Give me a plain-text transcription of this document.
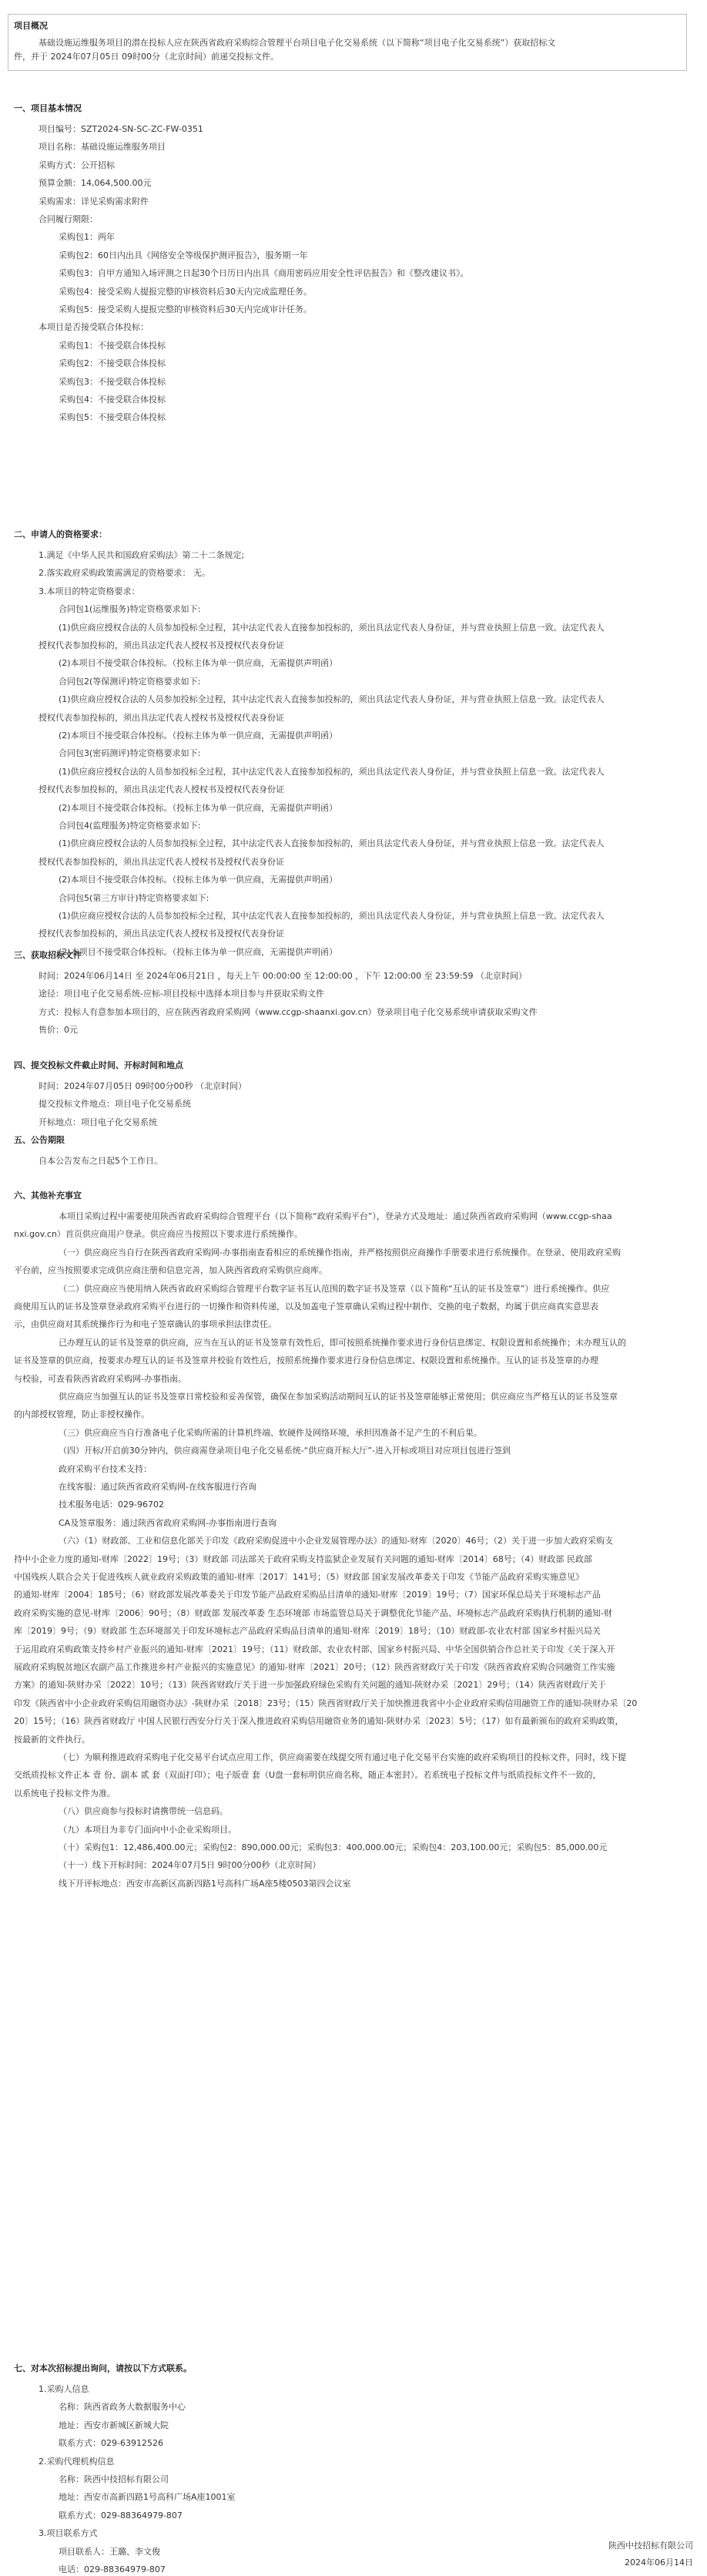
项目概况
基础设施运维服务项目的潜在投标人应在陕西省政府采购综合管理平台项目电子化交易系统（以下简称“项目电子化交易系统”）获取招标文
件，并于 2024年07月05日 09时00分（北京时间）前递交投标文件。
一、项目基本情况
项目编号：SZT2024-SN-SC-ZC-FW-0351
项目名称：基础设施运维服务项目
采购方式：公开招标
预算金额：14,064,500.00元
采购需求：详见采购需求附件
合同履行期限：
采购包1：两年
采购包2：60日内出具《网络安全等级保护测评报告》，服务期一年
采购包3：自甲方通知入场评测之日起30个日历日内出具《商用密码应用安全性评估报告》和《整改建议书》。
采购包4：接受采购人提报完整的审核资料后30天内完成监理任务。
采购包5：接受采购人提报完整的审核资料后30天内完成审计任务。
本项目是否接受联合体投标：
采购包1：不接受联合体投标
采购包2：不接受联合体投标
采购包3：不接受联合体投标
采购包4：不接受联合体投标
采购包5：不接受联合体投标
二、申请人的资格要求：
1.满足《中华人民共和国政府采购法》第二十二条规定;
2.落实政府采购政策需满足的资格要求： 无。
3.本项目的特定资格要求：
合同包1(运维服务)特定资格要求如下:
(1)供应商应授权合法的人员参加投标全过程，其中法定代表人直接参加投标的，须出具法定代表人身份证，并与营业执照上信息一致。法定代表人
授权代表参加投标的，须出具法定代表人授权书及授权代表身份证
(2)本项目不接受联合体投标。（投标主体为单一供应商，无需提供声明函）
合同包2(等保测评)特定资格要求如下:
(1)供应商应授权合法的人员参加投标全过程，其中法定代表人直接参加投标的，须出具法定代表人身份证，并与营业执照上信息一致。法定代表人
授权代表参加投标的，须出具法定代表人授权书及授权代表身份证
(2)本项目不接受联合体投标。（投标主体为单一供应商，无需提供声明函）
合同包3(密码测评)特定资格要求如下:
(1)供应商应授权合法的人员参加投标全过程，其中法定代表人直接参加投标的，须出具法定代表人身份证，并与营业执照上信息一致。法定代表人
授权代表参加投标的，须出具法定代表人授权书及授权代表身份证
(2)本项目不接受联合体投标。（投标主体为单一供应商，无需提供声明函）
合同包4(监理服务)特定资格要求如下:
(1)供应商应授权合法的人员参加投标全过程，其中法定代表人直接参加投标的，须出具法定代表人身份证，并与营业执照上信息一致。法定代表人
授权代表参加投标的，须出具法定代表人授权书及授权代表身份证
(2)本项目不接受联合体投标。（投标主体为单一供应商，无需提供声明函）
合同包5(第三方审计)特定资格要求如下:
(1)供应商应授权合法的人员参加投标全过程，其中法定代表人直接参加投标的，须出具法定代表人身份证，并与营业执照上信息一致。法定代表人
授权代表参加投标的，须出具法定代表人授权书及授权代表身份证
(2)本项目不接受联合体投标。（投标主体为单一供应商，无需提供声明函）
三、获取招标文件
时间：2024年06月14日 至 2024年06月21日 ，每天上午 00:00:00 至 12:00:00 ，下午 12:00:00 至 23:59:59 （北京时间）
途径：项目电子化交易系统-应标-项目投标中选择本项目参与并获取采购文件
方式：投标人有意参加本项目的，应在陕西省政府采购网（www.ccgp-shaanxi.gov.cn）登录项目电子化交易系统申请获取采购文件
售价：0元
四、提交投标文件截止时间、开标时间和地点
时间：2024年07月05日 09时00分00秒 （北京时间）
提交投标文件地点：项目电子化交易系统
开标地点：项目电子化交易系统
五、公告期限
自本公告发布之日起5个工作日。
六、其他补充事宜
本项目采购过程中需要使用陕西省政府采购综合管理平台（以下简称“政府采购平台”），登录方式及地址：通过陕西省政府采购网（www.ccgp-shaa
nxi.gov.cn）首页供应商用户登录。供应商应当按照以下要求进行系统操作。
（一）供应商应当自行在陕西省政府采购网-办事指南查看相应的系统操作指南，并严格按照供应商操作手册要求进行系统操作。在登录、使用政府采购
平台前，应当按照要求完成供应商注册和信息完善，加入陕西省政府采购供应商库。
（二）供应商应当使用纳入陕西省政府采购综合管理平台数字证书互认范围的数字证书及签章（以下简称“互认的证书及签章”）进行系统操作。供应
商使用互认的证书及签章登录政府采购平台进行的一切操作和资料传递，以及加盖电子签章确认采购过程中制作、交换的电子数据，均属于供应商真实意思表
示，由供应商对其系统操作行为和电子签章确认的事项承担法律责任。
已办理互认的证书及签章的供应商，应当在互认的证书及签章有效性后，即可按照系统操作要求进行身份信息绑定、权限设置和系统操作；未办理互认的
证书及签章的供应商，按要求办理互认的证书及签章并校验有效性后，按照系统操作要求进行身份信息绑定、权限设置和系统操作。互认的证书及签章的办理
与校验，可查看陕西省政府采购网-办事指南。
供应商应当加强互认的证书及签章日常校验和妥善保管，确保在参加采购活动期间互认的证书及签章能够正常使用；供应商应当严格互认的证书及签章
的内部授权管理，防止非授权操作。
（三）供应商应当自行准备电子化采购所需的计算机终端、软硬件及网络环境，承担因准备不足产生的不利后果。
（四）开标/开启前30分钟内，供应商需登录项目电子化交易系统-“供应商开标大厅”-进入开标或项目对应项目包进行签到
政府采购平台技术支持：
在线客服：通过陕西省政府采购网-在线客服进行咨询
技术服务电话：029-96702
CA及签章服务：通过陕西省政府采购网-办事指南进行查询
（六）（1）财政部、工业和信息化部关于印发《政府采购促进中小企业发展管理办法》的通知-财库〔2020〕46号；（2）关于进一步加大政府采购支
持中小企业力度的通知-财库〔2022〕19号；（3）财政部 司法部关于政府采购支持监狱企业发展有关问题的通知-财库〔2014〕68号；（4）财政部 民政部
中国残疾人联合会关于促进残疾人就业政府采购政策的通知-财库〔2017〕141号；（5）财政部 国家发展改革委关于印发《节能产品政府采购实施意见》
的通知-财库〔2004〕185号；（6）财政部发展改革委关于印发节能产品政府采购品目清单的通知-财库〔2019〕19号；（7）国家环保总局关于环境标志产品
政府采购实施的意见-财库〔2006〕90号；（8）财政部 发展改革委 生态环境部 市场监管总局关于调整优化节能产品、环境标志产品政府采购执行机制的通知-财
库〔2019〕9号；（9）财政部 生态环境部关于印发环境标志产品政府采购品目清单的通知-财库〔2019〕18号；（10）财政部-农业农村部 国家乡村振兴局关
于运用政府采购政策支持乡村产业振兴的通知-财库〔2021〕19号；（11）财政部、农业农村部、国家乡村振兴局、中华全国供销合作总社关于印发《关于深入开
展政府采购脱贫地区农副产品工作推进乡村产业振兴的实施意见》的通知-财库〔2021〕20号；（12）陕西省财政厅关于印发《陕西省政府采购合同融资工作实施
方案》的通知-陕财办采〔2022〕10号；（13）陕西省财政厅关于进一步加强政府绿色采购有关问题的通知-陕财办采〔2021〕29号；（14）陕西省财政厅关于
印发《陕西省中小企业政府采购信用融资办法》-陕财办采〔2018〕23号；（15）陕西省财政厅关于加快推进我省中小企业政府采购信用融资工作的通知-陕财办采〔20
20〕15号；（16）陕西省财政厅 中国人民银行西安分行关于深入推进政府采购信用融资业务的通知-陕财办采〔2023〕5号；（17）如有最新颁布的政府采购政策，
按最新的文件执行。
（七）为顺利推进政府采购电子化交易平台试点应用工作，供应商需要在线提交所有通过电子化交易平台实施的政府采购项目的投标文件，同时，线下提
交纸质投标文件正本 壹 份、副本 贰 套（双面打印）；电子版壹 套（U盘一套标明供应商名称，随正本密封）。若系统电子投标文件与纸质投标文件不一致的，
以系统电子投标文件为准。
（八）供应商参与投标时请携带统一信息码。
（九）本项目为非专门面向中小企业采购项目。
（十）采购包1：12,486,400.00元；采购包2：890,000.00元；采购包3：400,000.00元；采购包4：203,100.00元；采购包5：85,000.00元
（十一）线下开标时间：2024年07月5日 9时00分00秒（北京时间）
线下开评标地点：西安市高新区高新四路1号高科广场A座5楼0503第四会议室
七、对本次招标提出询问，请按以下方式联系。
1.采购人信息
名称：陕西省政务大数据服务中心
地址：西安市新城区新城大院
联系方式：029-63912526
2.采购代理机构信息
名称：陕西中技招标有限公司
地址：西安市高新四路1号高科广场A座1001室
联系方式：029-88364979-807
3.项目联系方式
项目联系人：王璐、李文俊
电话：029-88364979-807
陕西中技招标有限公司
2024年06月14日
